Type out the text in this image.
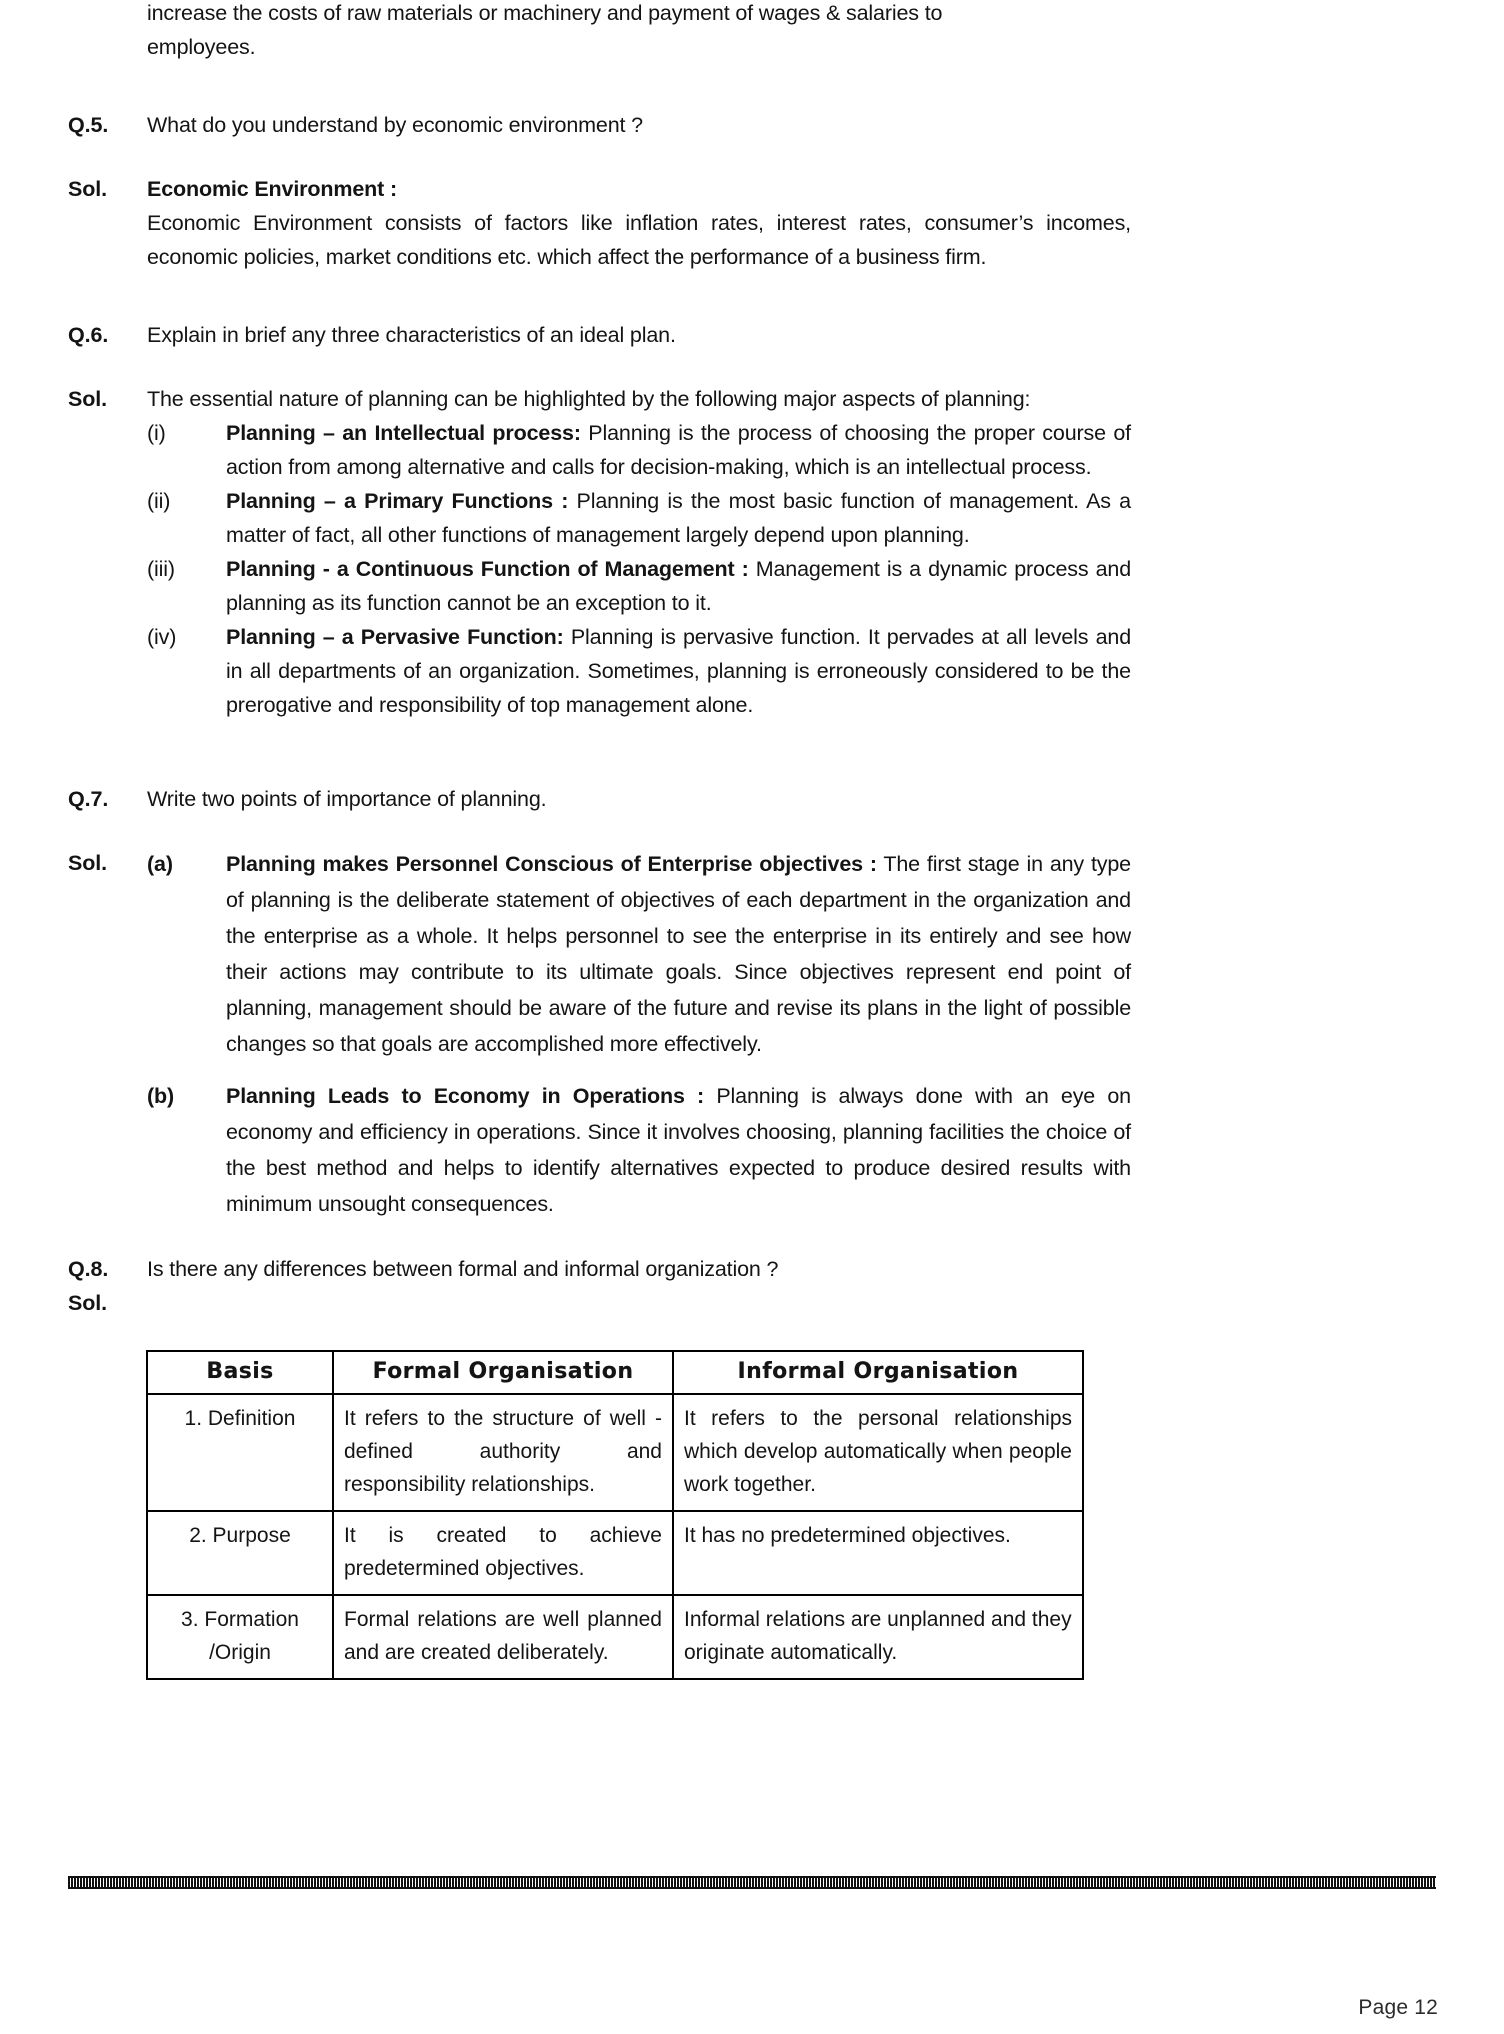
increase the costs of raw materials or machinery and payment of wages & salaries to
employees.
Q.5.	What do you understand by economic environment ?
Sol.	Economic Environment :
Economic Environment consists of factors like inflation rates, interest rates, consumer’s incomes, economic policies, market conditions etc. which affect the performance of a business firm.
Q.6.	Explain in brief any three characteristics of an ideal plan.
Sol.	The essential nature of planning can be highlighted by the following major aspects of planning:
(i)	Planning – an Intellectual process: Planning is the process of choosing the proper course of action from among alternative and calls for decision-making, which is an intellectual process.
(ii)	Planning – a Primary Functions : Planning is the most basic function of management. As a matter of fact, all other functions of management largely depend upon planning.
(iii)	Planning - a Continuous Function of Management : Management is a dynamic process and planning as its function cannot be an exception to it.
(iv)	Planning – a Pervasive Function: Planning is pervasive function. It pervades at all levels and in all departments of an organization. Sometimes, planning is erroneously considered to be the prerogative and responsibility of top management alone.
Q.7.	Write two points of importance of planning.
Sol.	(a)	Planning makes Personnel Conscious of Enterprise objectives : The first stage in any type of planning is the deliberate statement of objectives of each department in the organization and the enterprise as a whole. It helps personnel to see the enterprise in its entirely and see how their actions may contribute to its ultimate goals. Since objectives represent end point of planning, management should be aware of the future and revise its plans in the light of possible changes so that goals are accomplished more effectively.
(b)	Planning Leads to Economy in Operations : Planning is always done with an eye on economy and efficiency in operations. Since it involves choosing, planning facilities the choice of the best method and helps to identify alternatives expected to produce desired results with minimum unsought consequences.
Q.8.	Is there any differences between formal and informal organization ?
Sol.
Basis	Formal Organisation	Informal Organisation
1. Definition	It refers to the structure of well - defined authority and responsibility relationships.	It refers to the personal relationships which develop automatically when people work together.
2. Purpose	It is created to achieve predetermined objectives.	It has no predetermined objectives.

3. Formation
/Origin	Formal relations are well planned and are created deliberately.	Informal relations are unplanned and they originate automatically.
Page 12
